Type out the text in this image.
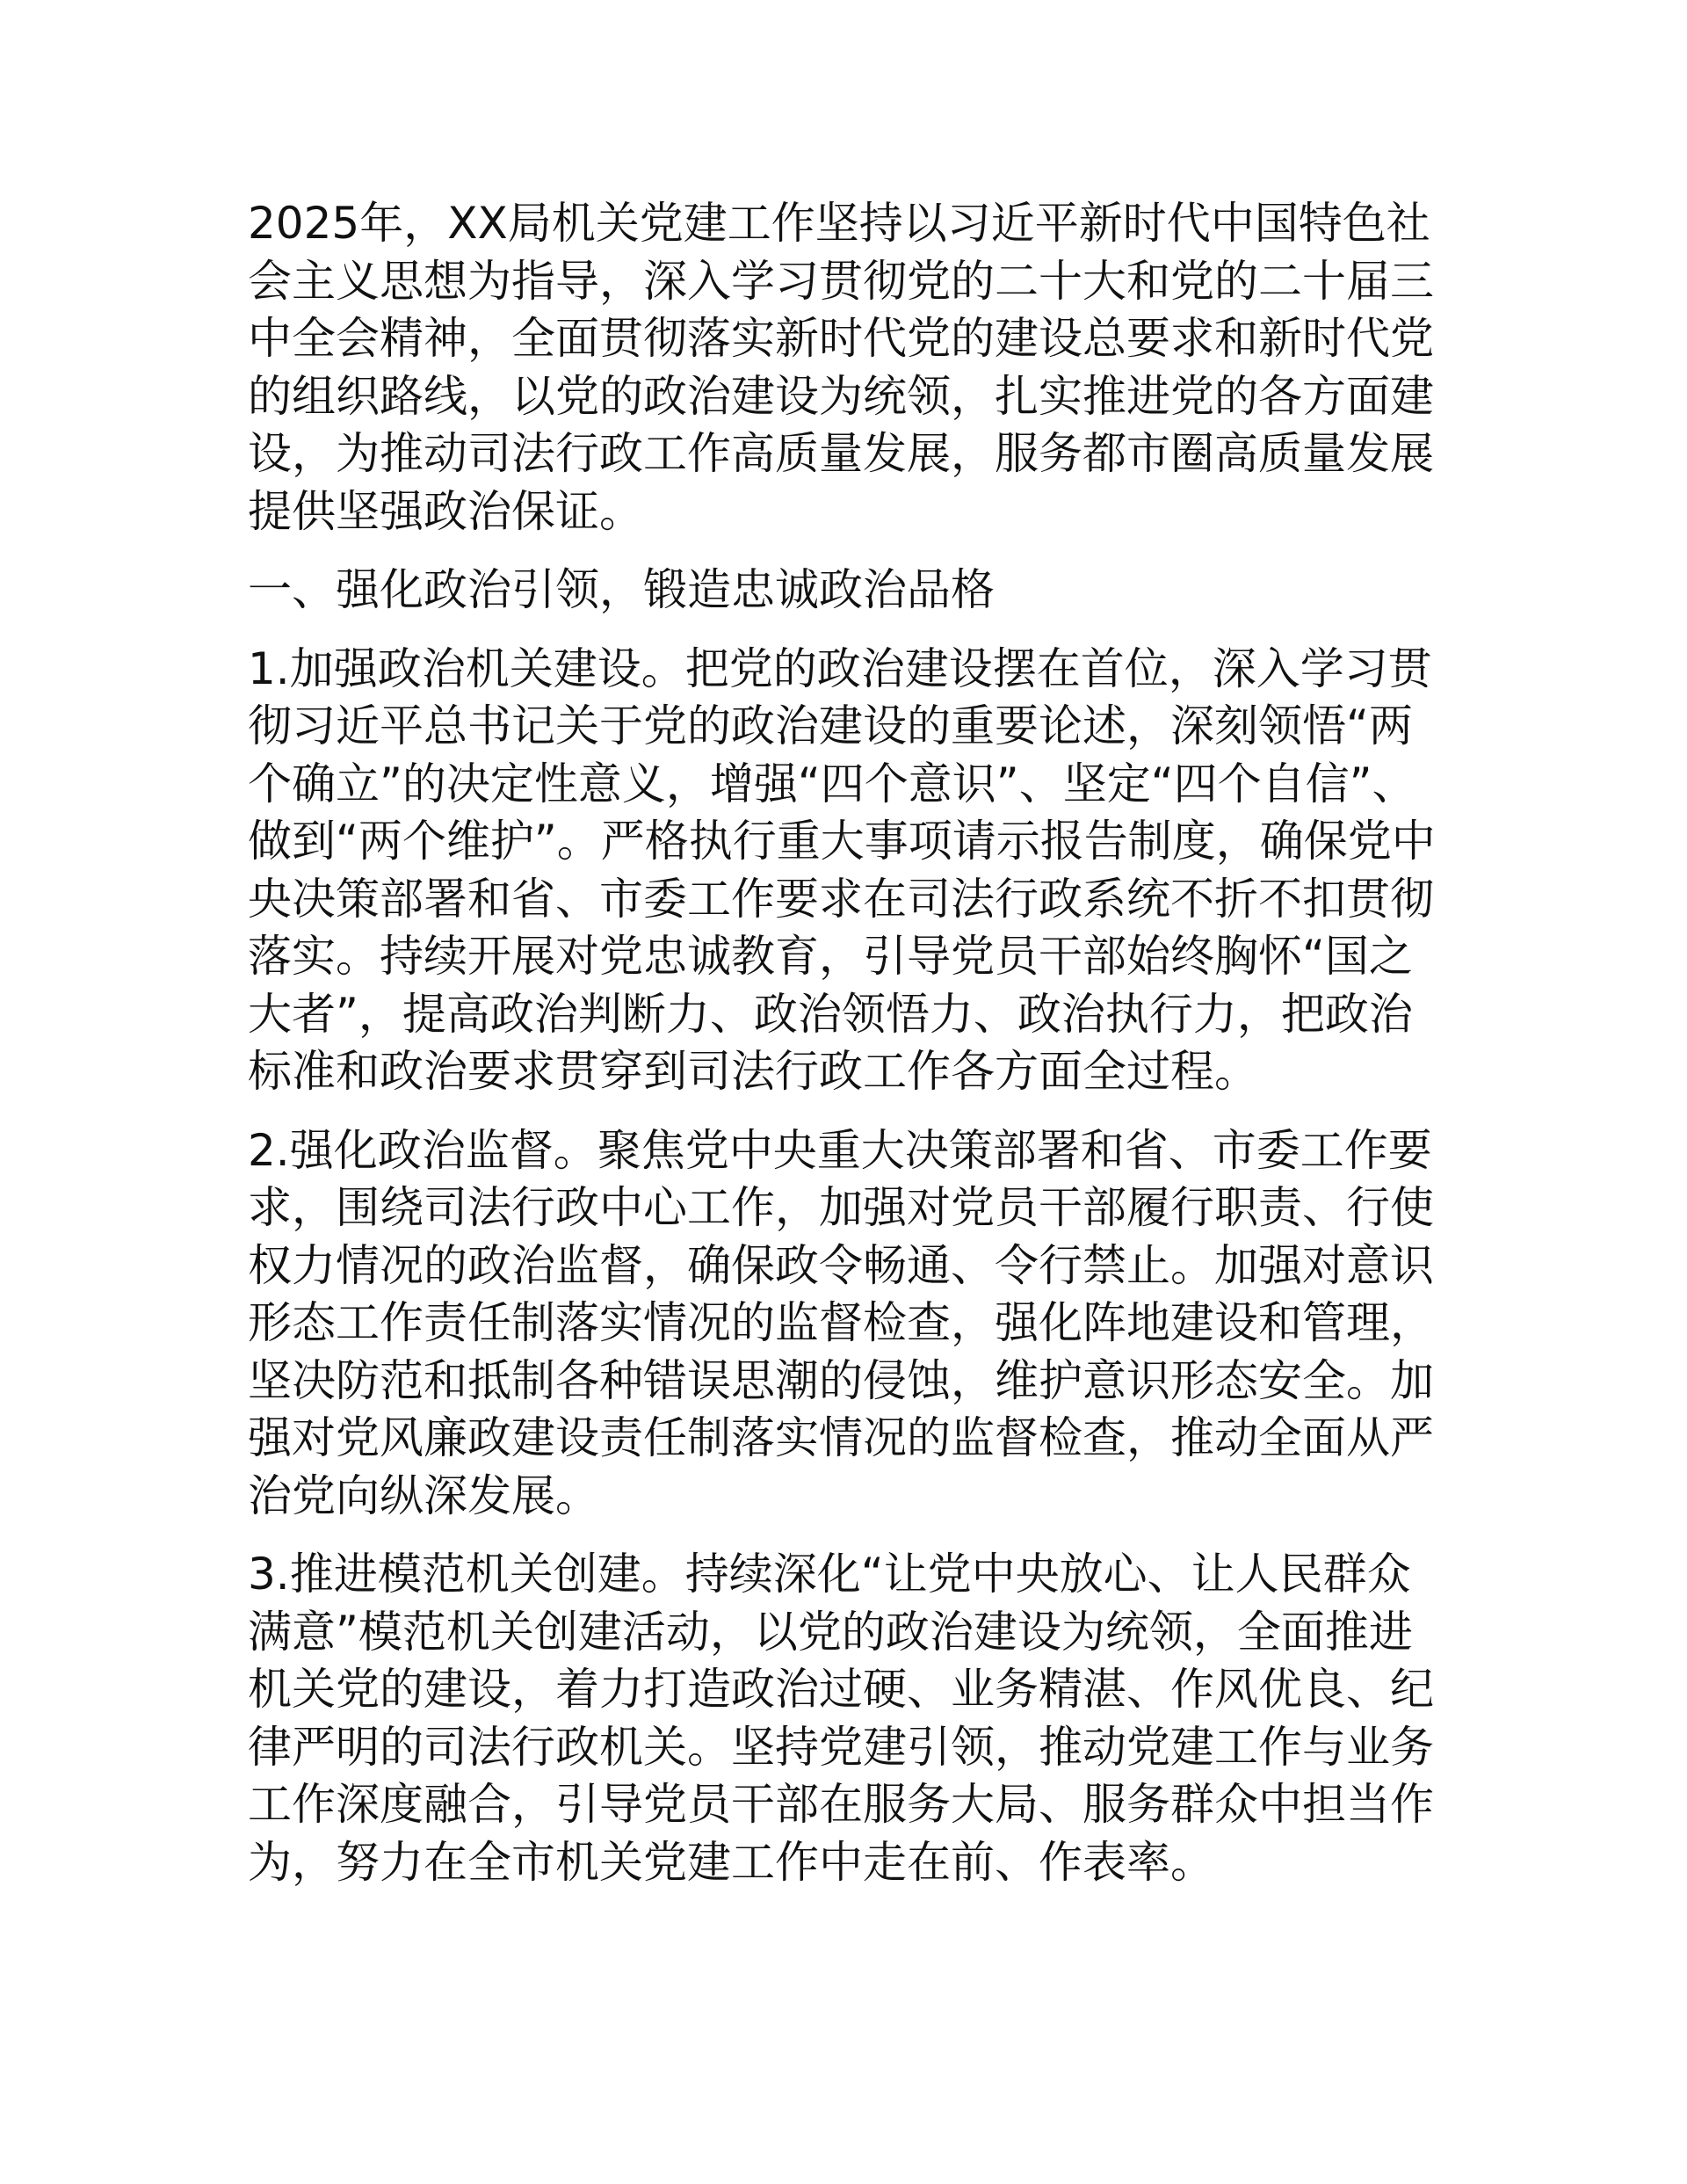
2025年，XX局机关党建工作坚持以习近平新时代中国特色社会主义思想为指导，深入学习贯彻党的二十大和党的二十届三中全会精神，全面贯彻落实新时代党的建设总要求和新时代党的组织路线，以党的政治建设为统领，扎实推进党的各方面建设，为推动司法行政工作高质量发展，服务都市圈高质量发展提供坚强政治保证。

一、强化政治引领，锻造忠诚政治品格

1.加强政治机关建设。把党的政治建设摆在首位，深入学习贯彻习近平总书记关于党的政治建设的重要论述，深刻领悟“两个确立”的决定性意义，增强“四个意识”、坚定“四个自信”、做到“两个维护”。严格执行重大事项请示报告制度，确保党中央决策部署和省、市委工作要求在司法行政系统不折不扣贯彻落实。持续开展对党忠诚教育，引导党员干部始终胸怀“国之大者”，提高政治判断力、政治领悟力、政治执行力，把政治标准和政治要求贯穿到司法行政工作各方面全过程。

2.强化政治监督。聚焦党中央重大决策部署和省、市委工作要求，围绕司法行政中心工作，加强对党员干部履行职责、行使权力情况的政治监督，确保政令畅通、令行禁止。加强对意识形态工作责任制落实情况的监督检查，强化阵地建设和管理，坚决防范和抵制各种错误思潮的侵蚀，维护意识形态安全。加强对党风廉政建设责任制落实情况的监督检查，推动全面从严治党向纵深发展。

3.推进模范机关创建。持续深化“让党中央放心、让人民群众满意”模范机关创建活动，以党的政治建设为统领，全面推进机关党的建设，着力打造政治过硬、业务精湛、作风优良、纪律严明的司法行政机关。坚持党建引领，推动党建工作与业务工作深度融合，引导党员干部在服务大局、服务群众中担当作为，努力在全市机关党建工作中走在前、作表率。
